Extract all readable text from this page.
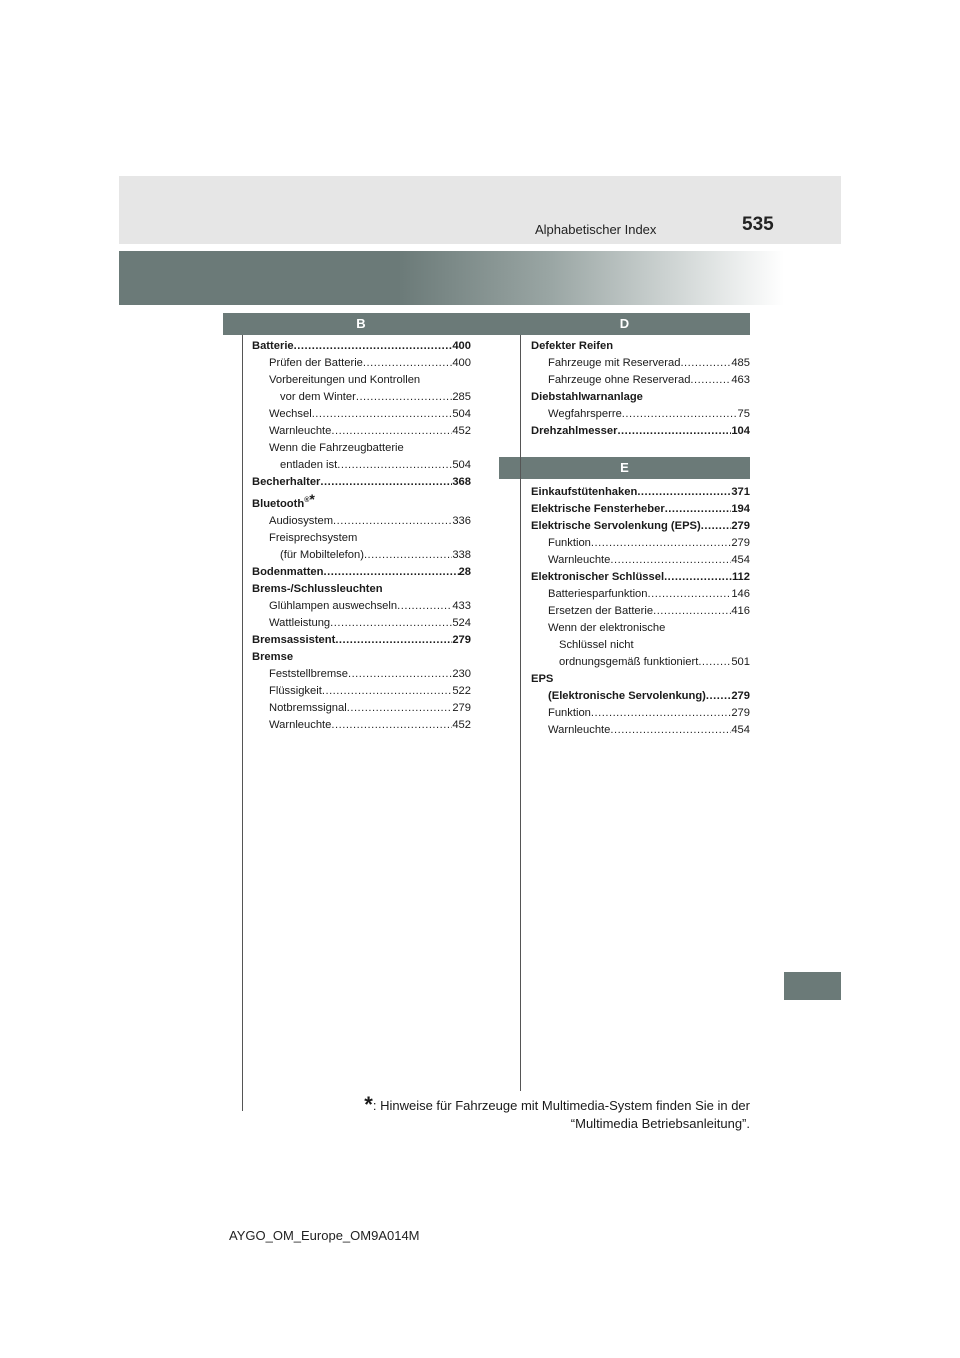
Alphabetischer Index	535
B	D
E
Batterie .....	400
Prüfen der Batterie .....	400
Vorbereitungen und Kontrollen
vor dem Winter .....	285
Wechsel .....	504
Warnleuchte .....	452
Wenn die Fahrzeugbatterie
entladen ist .....	504
Becherhalter .....	368
Bluetooth®*
Audiosystem .....	336
Freisprechsystem
(für Mobiltelefon) .....	338
Bodenmatten .....	28
Brems-/Schlussleuchten
Glühlampen auswechseln .....	433
Wattleistung .....	524
Bremsassistent .....	279
Bremse
Feststellbremse .....	230
Flüssigkeit .....	522
Notbremssignal .....	279
Warnleuchte .....	452
Defekter Reifen
Fahrzeuge mit Reserverad .....	485
Fahrzeuge ohne Reserverad .....	463
Diebstahlwarnanlage
Wegfahrsperre .....	75
Drehzahlmesser .....	104
Einkaufstütenhaken .....	371
Elektrische Fensterheber .....	194
Elektrische Servolenkung (EPS) .....	279
Funktion .....	279
Warnleuchte .....	454
Elektronischer Schlüssel .....	112
Batteriesparfunktion .....	146
Ersetzen der Batterie .....	416
Wenn der elektronische
Schlüssel nicht
ordnungsgemäß funktioniert .....	501
EPS
(Elektronische Servolenkung) ..... 279
Funktion .....	279
Warnleuchte .....	454
*: Hinweise für Fahrzeuge mit Multimedia-System finden Sie in der
“Multimedia Betriebsanleitung”.
AYGO_OM_Europe_OM9A014M
